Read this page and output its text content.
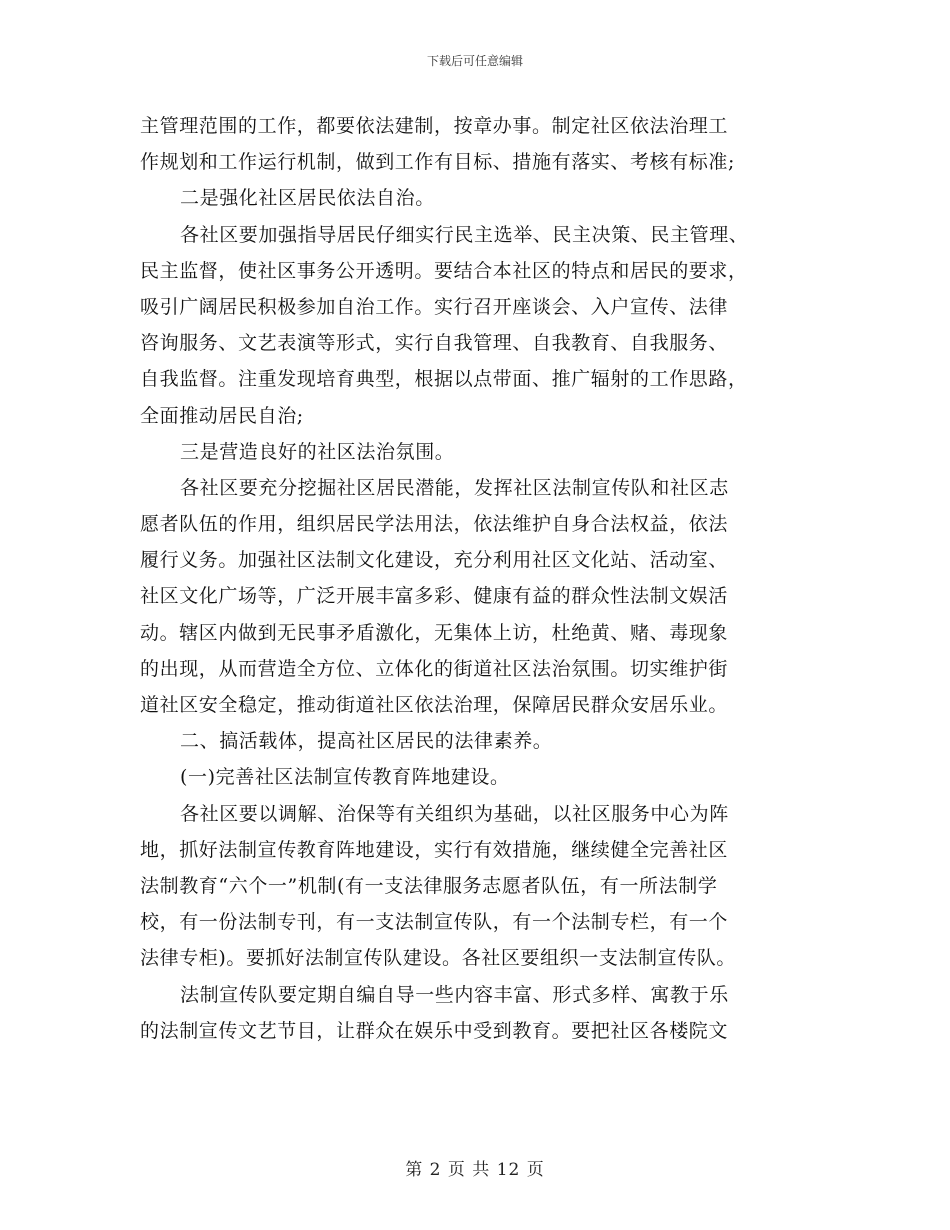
下载后可任意编辑
主管理范围的工作，都要依法建制，按章办事。制定社区依法治理工
作规划和工作运行机制，做到工作有目标、措施有落实、考核有标准;
二是强化社区居民依法自治。
各社区要加强指导居民仔细实行民主选举、民主决策、民主管理、
民主监督，使社区事务公开透明。要结合本社区的特点和居民的要求，
吸引广阔居民积极参加自治工作。实行召开座谈会、入户宣传、法律
咨询服务、文艺表演等形式，实行自我管理、自我教育、自我服务、
自我监督。注重发现培育典型，根据以点带面、推广辐射的工作思路，
全面推动居民自治;
三是营造良好的社区法治氛围。
各社区要充分挖掘社区居民潜能，发挥社区法制宣传队和社区志
愿者队伍的作用，组织居民学法用法，依法维护自身合法权益，依法
履行义务。加强社区法制文化建设，充分利用社区文化站、活动室、
社区文化广场等，广泛开展丰富多彩、健康有益的群众性法制文娱活
动。辖区内做到无民事矛盾激化，无集体上访，杜绝黄、赌、毒现象
的出现，从而营造全方位、立体化的街道社区法治氛围。切实维护街
道社区安全稳定，推动街道社区依法治理，保障居民群众安居乐业。
二、搞活载体，提高社区居民的法律素养。
(一)完善社区法制宣传教育阵地建设。
各社区要以调解、治保等有关组织为基础，以社区服务中心为阵
地，抓好法制宣传教育阵地建设，实行有效措施，继续健全完善社区
法制教育“六个一”机制(有一支法律服务志愿者队伍，有一所法制学
校，有一份法制专刊，有一支法制宣传队，有一个法制专栏，有一个
法律专柜)。要抓好法制宣传队建设。各社区要组织一支法制宣传队。
法制宣传队要定期自编自导一些内容丰富、形式多样、寓教于乐
的法制宣传文艺节目，让群众在娱乐中受到教育。要把社区各楼院文
第 2 页 共 12 页
